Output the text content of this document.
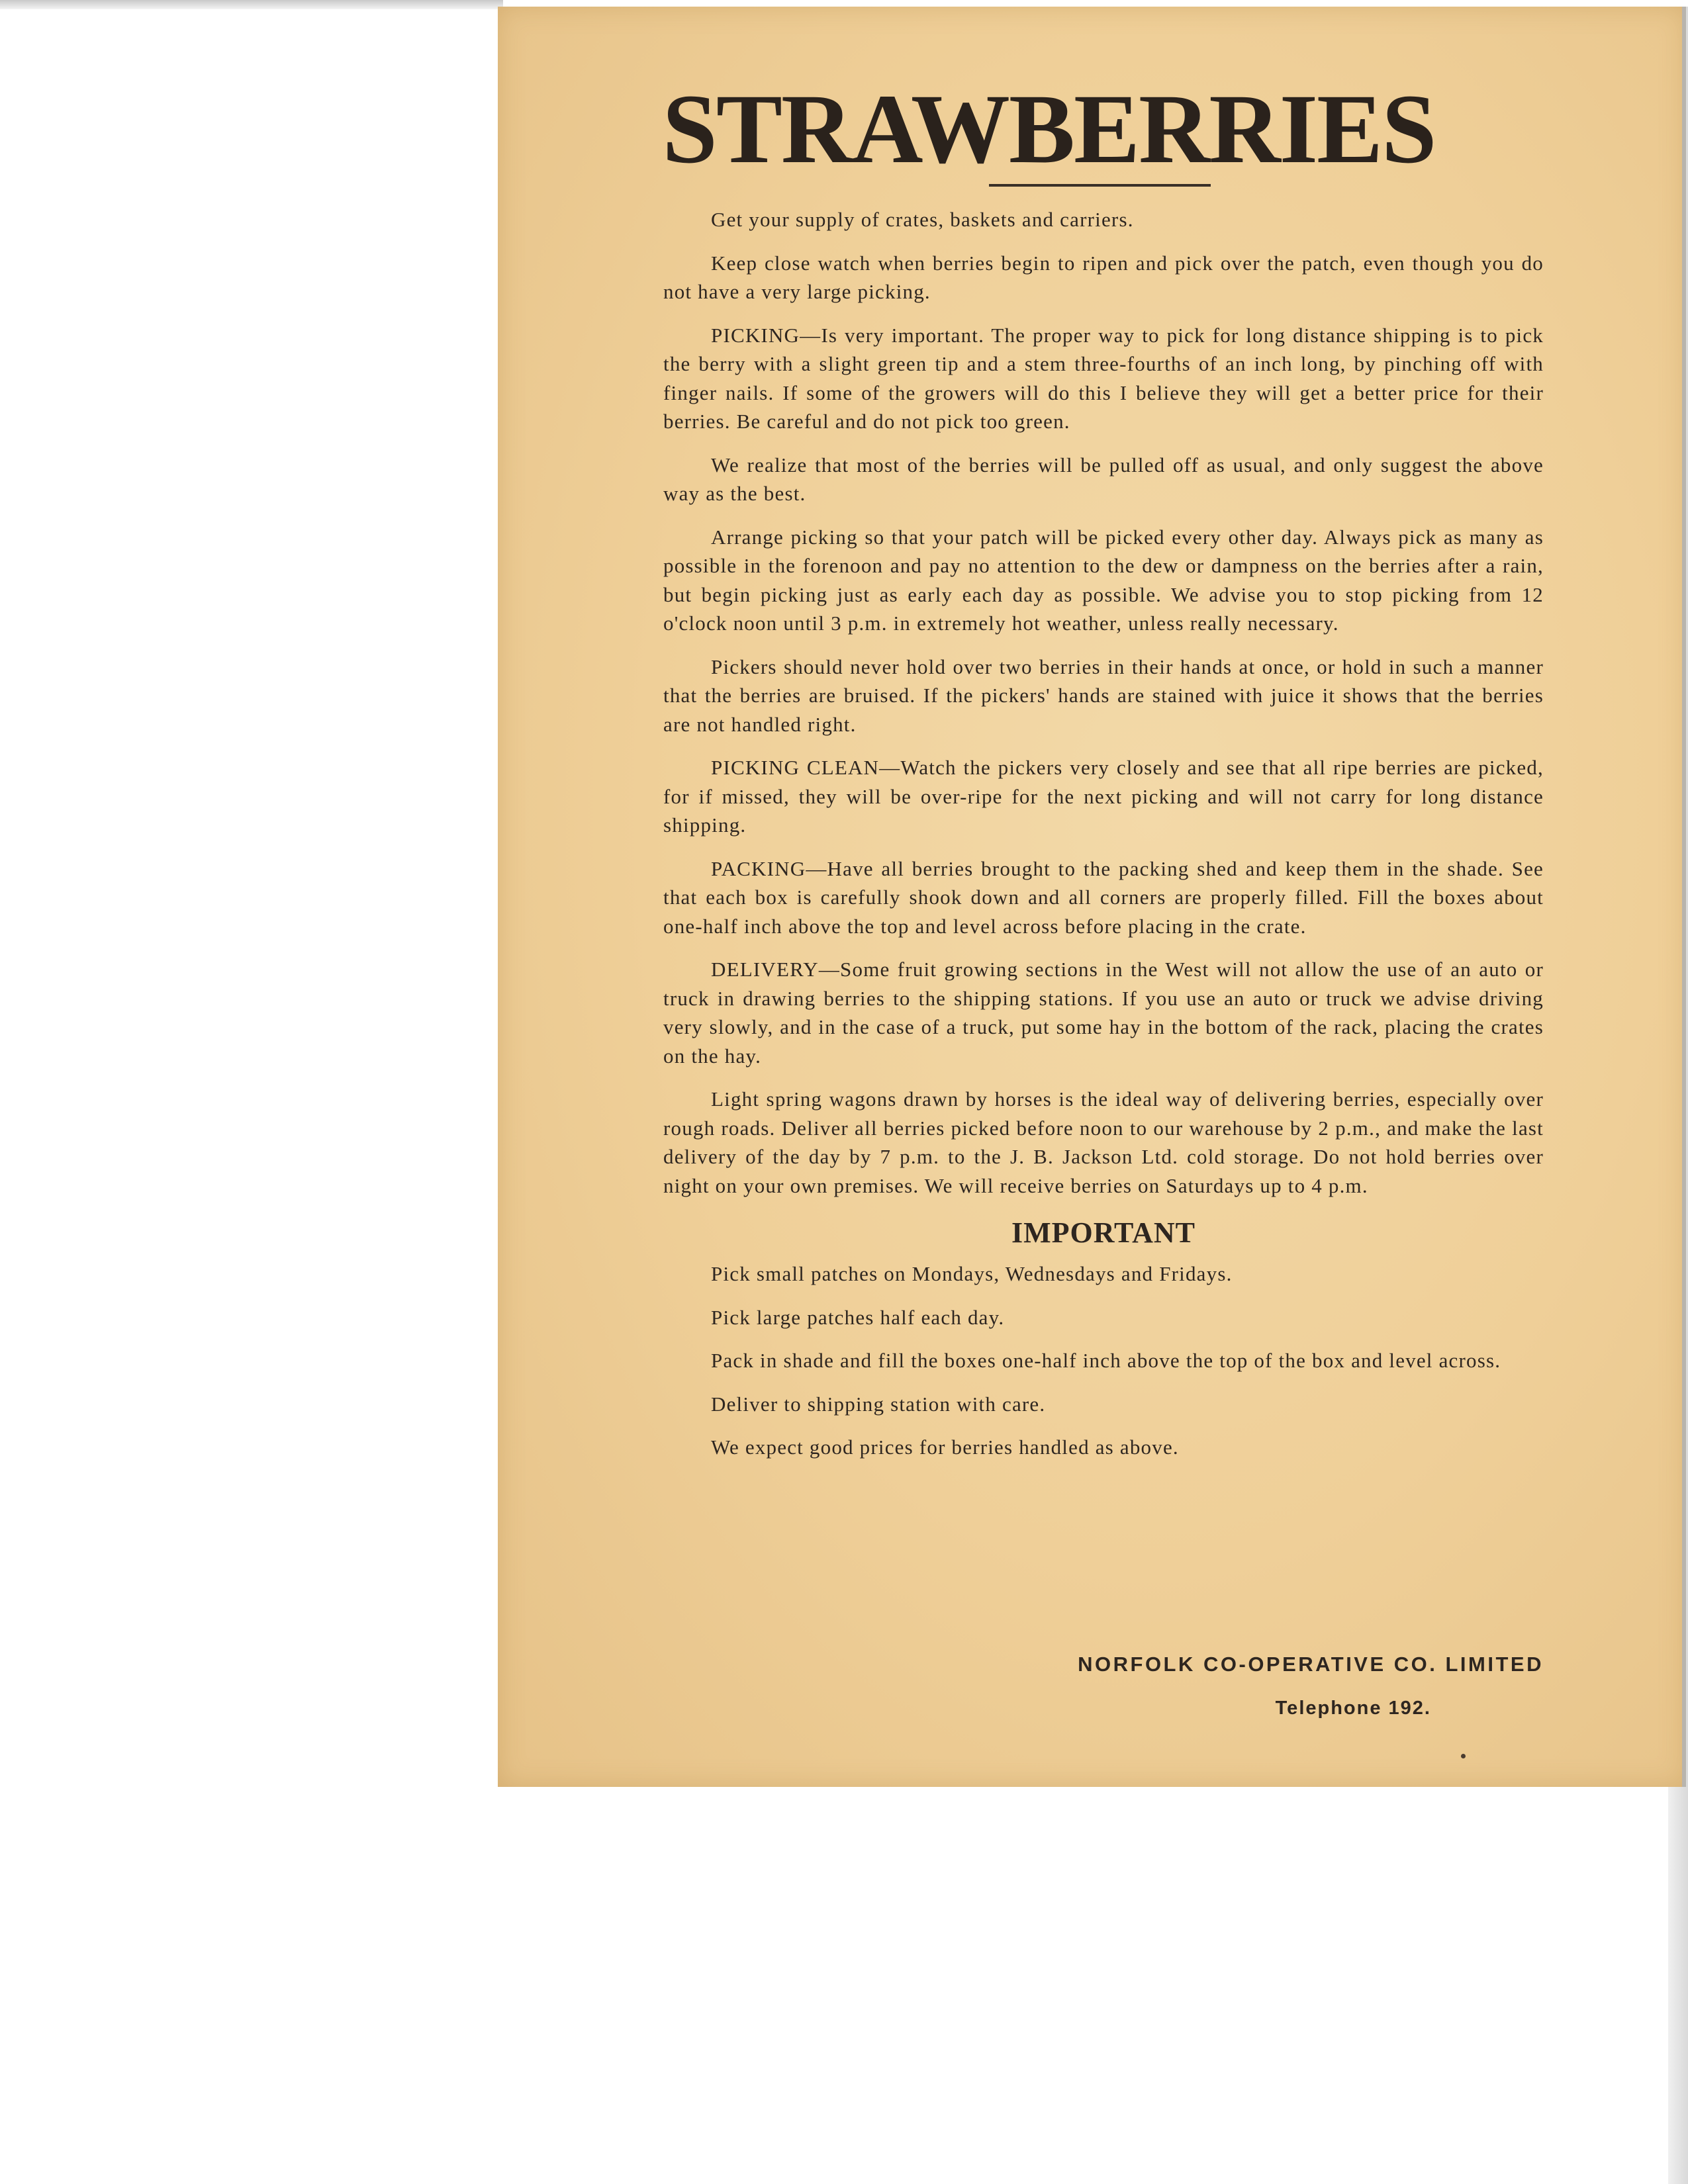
STRAWBERRIES

Get your supply of crates, baskets and carriers.

Keep close watch when berries begin to ripen and pick over the patch, even though you do not have a very large picking.

PICKING—Is very important. The proper way to pick for long distance shipping is to pick the berry with a slight green tip and a stem three-fourths of an inch long, by pinching off with finger nails. If some of the growers will do this I believe they will get a better price for their berries. Be careful and do not pick too green.

We realize that most of the berries will be pulled off as usual, and only suggest the above way as the best.

Arrange picking so that your patch will be picked every other day. Always pick as many as possible in the forenoon and pay no attention to the dew or dampness on the berries after a rain, but begin picking just as early each day as possible. We advise you to stop picking from 12 o'clock noon until 3 p.m. in extremely hot weather, unless really necessary.

Pickers should never hold over two berries in their hands at once, or hold in such a manner that the berries are bruised. If the pickers' hands are stained with juice it shows that the berries are not handled right.

PICKING CLEAN—Watch the pickers very closely and see that all ripe berries are picked, for if missed, they will be over-ripe for the next picking and will not carry for long distance shipping.

PACKING—Have all berries brought to the packing shed and keep them in the shade. See that each box is carefully shook down and all corners are properly filled. Fill the boxes about one-half inch above the top and level across before placing in the crate.

DELIVERY—Some fruit growing sections in the West will not allow the use of an auto or truck in drawing berries to the shipping stations. If you use an auto or truck we advise driving very slowly, and in the case of a truck, put some hay in the bottom of the rack, placing the crates on the hay.

Light spring wagons drawn by horses is the ideal way of delivering berries, especially over rough roads. Deliver all berries picked before noon to our warehouse by 2 p.m., and make the last delivery of the day by 7 p.m. to the J. B. Jackson Ltd. cold storage. Do not hold berries over night on your own premises. We will receive berries on Saturdays up to 4 p.m.

IMPORTANT

Pick small patches on Mondays, Wednesdays and Fridays.

Pick large patches half each day.

Pack in shade and fill the boxes one-half inch above the top of the box and level across.

Deliver to shipping station with care.

We expect good prices for berries handled as above.

NORFOLK CO-OPERATIVE CO. LIMITED
Telephone 192.
